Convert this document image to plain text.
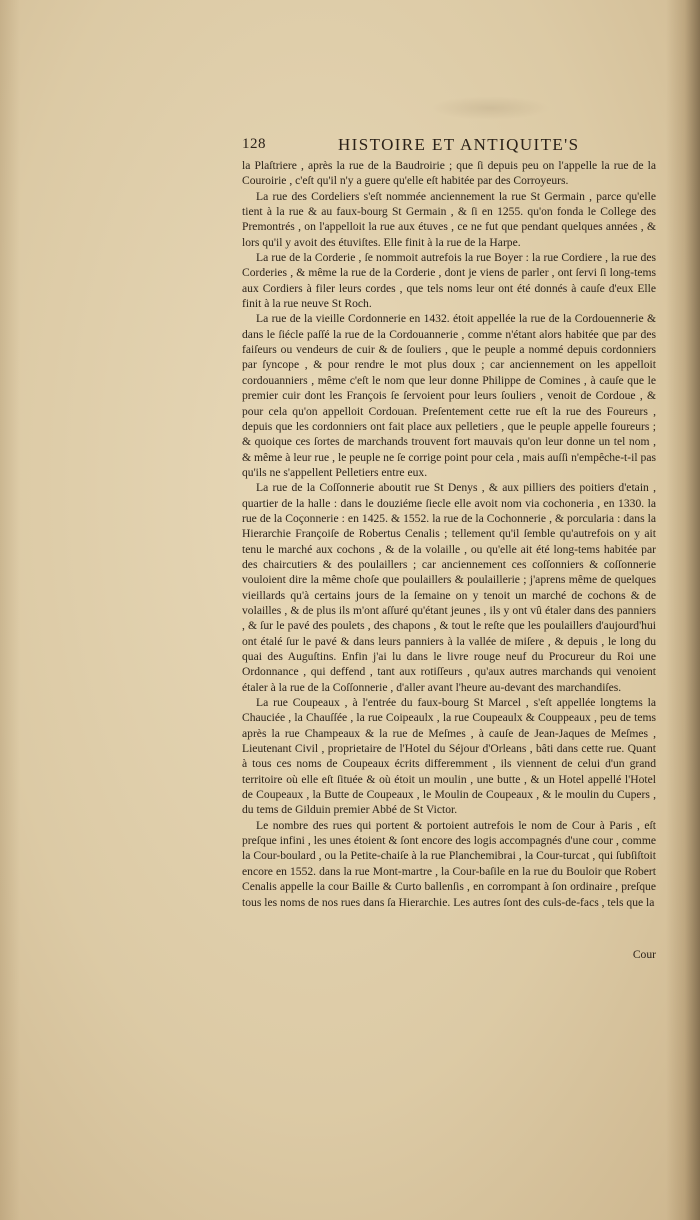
128	HISTOIRE ET ANTIQUITE'S

la Plaſtriere , après la rue de la Baudroirie ; que ſi depuis peu on l'appelle la rue de la Couroirie , c'eſt qu'il n'y a guere qu'elle eſt habitée par des Corroyeurs.

La rue des Cordeliers s'eſt nommée anciennement la rue St Germain , parce qu'elle tient à la rue & au faux-bourg St Germain , & ſi en 1255. qu'on fonda le College des Premontrés , on l'appelloit la rue aux étuves , ce ne fut que pendant quelques années , & lors qu'il y avoit des étuviſtes. Elle finit à la rue de la Harpe.

La rue de la Corderie , ſe nommoit autrefois la rue Boyer : la rue Cordiere , la rue des Corderies , & même la rue de la Corderie , dont je viens de parler , ont ſervi ſi long-tems aux Cordiers à filer leurs cordes , que tels noms leur ont été donnés à cauſe d'eux Elle finit à la rue neuve St Roch.

La rue de la vieille Cordonnerie en 1432. étoit appellée la rue de la Cordouennerie & dans le ſiécle paſſé la rue de la Cordouannerie , comme n'étant alors habitée que par des faiſeurs ou vendeurs de cuir & de ſouliers , que le peuple a nommé depuis cordonniers par ſyncope , & pour rendre le mot plus doux ; car anciennement on les appelloit cordouanniers , même c'eſt le nom que leur donne Philippe de Comines , à cauſe que le premier cuir dont les François ſe ſervoient pour leurs ſouliers , venoit de Cordoue , & pour cela qu'on appelloit Cordouan. Preſentement cette rue eſt la rue des Foureurs , depuis que les cordonniers ont fait place aux pelletiers , que le peuple appelle foureurs ; & quoique ces ſortes de marchands trouvent fort mauvais qu'on leur donne un tel nom , & même à leur rue , le peuple ne ſe corrige point pour cela , mais auſſi n'empêche-t-il pas qu'ils ne s'appellent Pelletiers entre eux.

La rue de la Coſſonnerie aboutit rue St Denys , & aux pilliers des poitiers d'etain , quartier de la halle : dans le douziéme ſiecle elle avoit nom via cochoneria , en 1330. la rue de la Coçonnerie : en 1425. & 1552. la rue de la Cochonnerie , & porcularia : dans la Hierarchie Françoiſe de Robertus Cenalis ; tellement qu'il ſemble qu'autrefois on y ait tenu le marché aux cochons , & de la volaille , ou qu'elle ait été long-tems habitée par des chaircutiers & des poulaillers ; car anciennement ces coſſonniers & coſſonnerie vouloient dire la même choſe que poulaillers & poulaillerie ; j'aprens même de quelques vieillards qu'à certains jours de la ſemaine on y tenoit un marché de cochons & de volailles , & de plus ils m'ont aſſuré qu'étant jeunes , ils y ont vû étaler dans des panniers , & ſur le pavé des poulets , des chapons , & tout le reſte que les poulaillers d'aujourd'hui ont étalé ſur le pavé & dans leurs panniers à la vallée de miſere , & depuis , le long du quai des Auguſtins. Enfin j'ai lu dans le livre rouge neuf du Procureur du Roi une Ordonnance , qui deffend , tant aux rotiſſeurs , qu'aux autres marchands qui venoient étaler à la rue de la Coſſonnerie , d'aller avant l'heure au-devant des marchandiſes.

La rue Coupeaux , à l'entrée du faux-bourg St Marcel , s'eſt appellée longtems la Chauciée , la Chauſſée , la rue Coipeaulx , la rue Coupeaulx & Couppeaux , peu de tems après la rue Champeaux & la rue de Meſmes , à cauſe de Jean-Jaques de Meſmes , Lieutenant Civil , proprietaire de l'Hotel du Séjour d'Orleans , bâti dans cette rue. Quant à tous ces noms de Coupeaux écrits differemment , ils viennent de celui d'un grand territoire où elle eſt ſituée & où étoit un moulin , une butte , & un Hotel appellé l'Hotel de Coupeaux , la Butte de Coupeaux , le Moulin de Coupeaux , & le moulin du Cupers , du tems de Gilduin premier Abbé de St Victor.

Le nombre des rues qui portent & portoient autrefois le nom de Cour à Paris , eſt preſque infini , les unes étoient & ſont encore des logis accompagnés d'une cour , comme la Cour-boulard , ou la Petite-chaiſe à la rue Planchemibrai , la Cour-turcat , qui ſubſiſtoit encore en 1552. dans la rue Mont-martre , la Cour-baſile en la rue du Bouloir que Robert Cenalis appelle la cour Baille & Curto ballenſis , en corrompant à ſon ordinaire , preſque tous les noms de nos rues dans ſa Hierarchie. Les autres ſont des culs-de-facs , tels que la

Cour
